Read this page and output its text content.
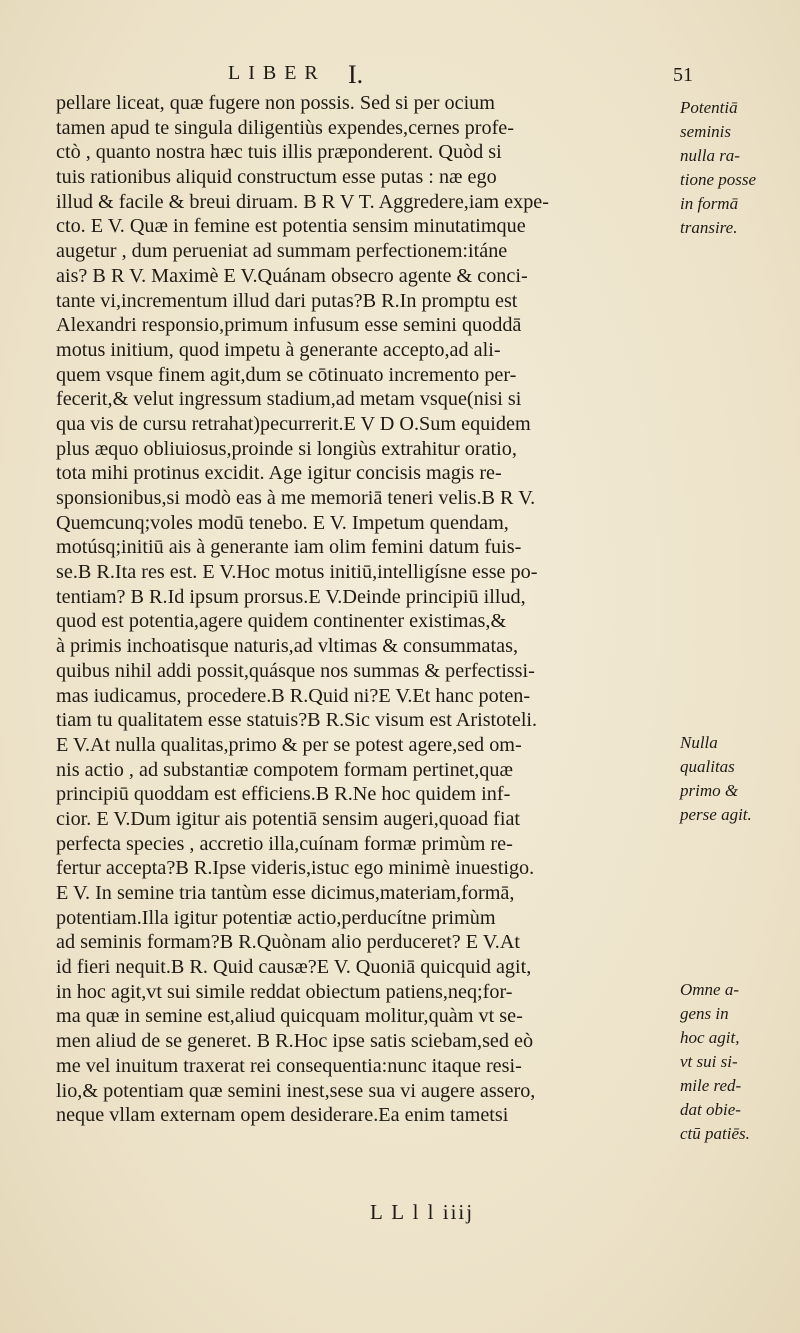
LIBER I.	51
pellare liceat, quæ fugere non possis. Sed si per ocium
tamen apud te singula diligentiùs expendes,cernes profe-
ctò , quanto nostra hæc tuis illis præponderent. Quòd si
tuis rationibus aliquid constructum esse putas : næ ego
illud & facile & breui diruam. B R V T. Aggredere,iam expe-
cto. E V. Quæ in femine est potentia sensim minutatimque
augetur , dum perueniat ad summam perfectionem:itáne
ais? B R V. Maximè E V.Quánam obsecro agente & conci-
tante vi,incrementum illud dari putas?B R.In promptu est
Alexandri responsio,primum infusum esse semini quoddā
motus initium, quod impetu à generante accepto,ad ali-
quem vsque finem agit,dum se cōtinuato incremento per-
fecerit,& velut ingressum stadium,ad metam vsque(nisi si
qua vis de cursu retrahat)pecurrerit.E V D O.Sum equidem
plus æquo obliuiosus,proinde si longiùs extrahitur oratio,
tota mihi protinus excidit. Age igitur concisis magis re-
sponsionibus,si modò eas à me memoriā teneri velis.B R V.
Quemcunq;voles modū tenebo. E V. Impetum quendam,
motúsq;initiū ais à generante iam olim femini datum fuis-
se.B R.Ita res est. E V.Hoc motus initiū,intelligísne esse po-
tentiam? B R.Id ipsum prorsus.E V.Deinde principiū illud,
quod est potentia,agere quidem continenter existimas,&
à primis inchoatisque naturis,ad vltimas & consummatas,
quibus nihil addi possit,quásque nos summas & perfectissi-
mas iudicamus, procedere.B R.Quid ni?E V.Et hanc poten-
tiam tu qualitatem esse statuis?B R.Sic visum est Aristoteli.
E V.At nulla qualitas,primo & per se potest agere,sed om-
nis actio , ad substantiæ compotem formam pertinet,quæ
principiū quoddam est efficiens.B R.Ne hoc quidem inf-
cior. E V.Dum igitur ais potentiā sensim augeri,quoad fiat
perfecta species , accretio illa,cuínam formæ primùm re-
fertur accepta?B R.Ipse videris,istuc ego minimè inuestigo.
E V. In semine tria tantùm esse dicimus,materiam,formā,
potentiam.Illa igitur potentiæ actio,perducítne primùm
ad seminis formam?B R.Quònam alio perduceret? E V.At
id fieri nequit.B R. Quid causæ?E V. Quoniā quicquid agit,
in hoc agit,vt sui simile reddat obiectum patiens,neq;for-
ma quæ in semine est,aliud quicquam molitur,quàm vt se-
men aliud de se generet. B R.Hoc ipse satis sciebam,sed eò
me vel inuitum traxerat rei consequentia:nunc itaque resi-
lio,& potentiam quæ semini inest,sese sua vi augere assero,
neque vllam externam opem desiderare.Ea enim tametsi
Potentiā
seminis
nulla ra-
tione posse
in formā
transire.
Nulla
qualitas
primo &
perse agit.
Omne a-
gens in
hoc agit,
vt sui si-
mile red-
dat obie-
ctū patiēs.
L L l l iiij
